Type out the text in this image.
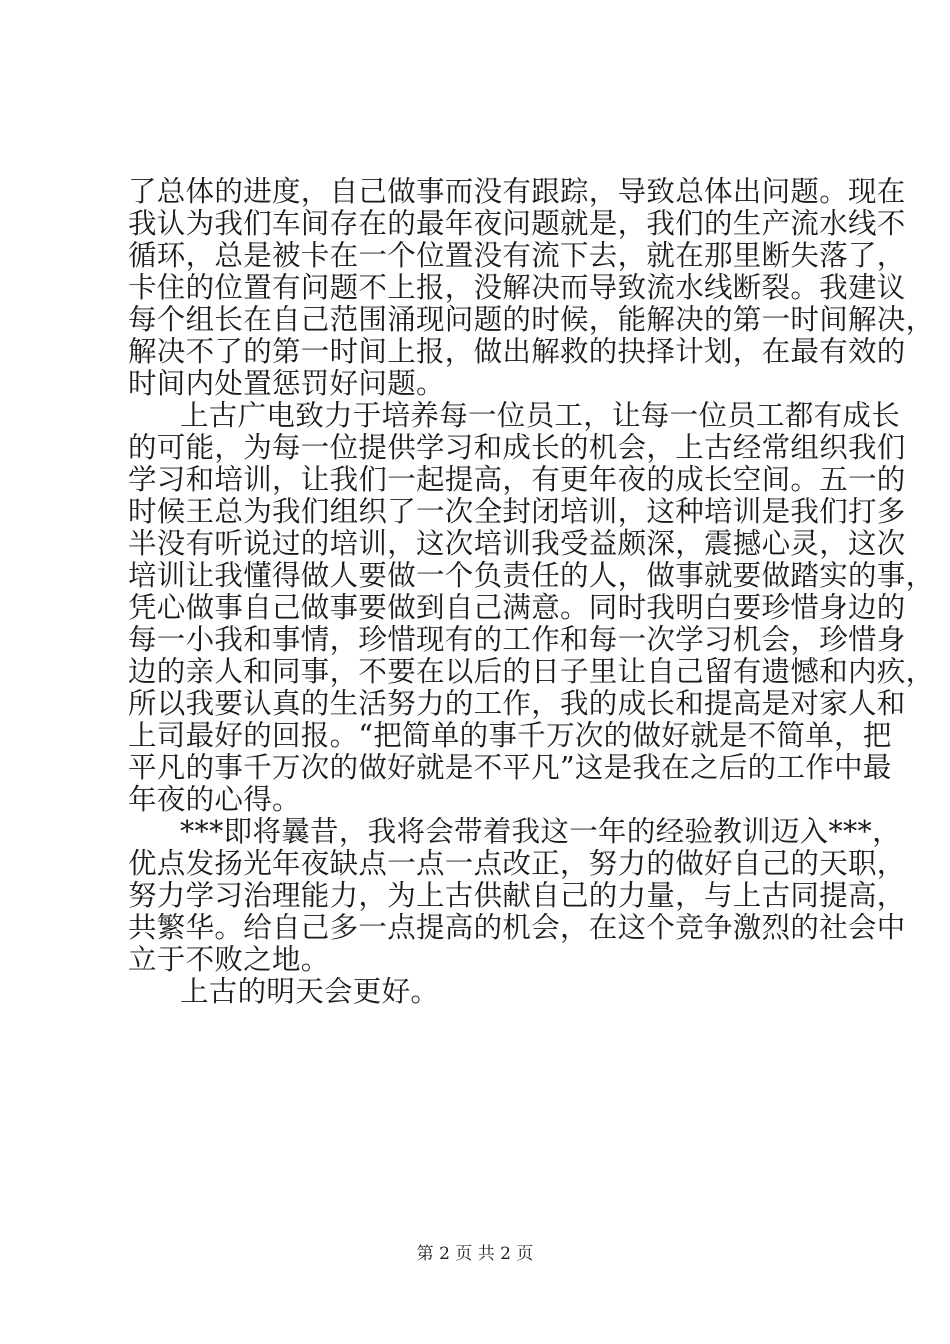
了总体的进度，自己做事而没有跟踪，导致总体出问题。现在
我认为我们车间存在的最年夜问题就是，我们的生产流水线不
循环，总是被卡在一个位置没有流下去，就在那里断失落了，
卡住的位置有问题不上报，没解决而导致流水线断裂。我建议
每个组长在自己范围涌现问题的时候，能解决的第一时间解决，
解决不了的第一时间上报，做出解救的抉择计划，在最有效的
时间内处置惩罚好问题。
上古广电致力于培养每一位员工，让每一位员工都有成长
的可能，为每一位提供学习和成长的机会，上古经常组织我们
学习和培训，让我们一起提高，有更年夜的成长空间。五一的
时候王总为我们组织了一次全封闭培训，这种培训是我们打多
半没有听说过的培训，这次培训我受益颇深，震撼心灵，这次
培训让我懂得做人要做一个负责任的人，做事就要做踏实的事，
凭心做事自己做事要做到自己满意。同时我明白要珍惜身边的
每一小我和事情，珍惜现有的工作和每一次学习机会，珍惜身
边的亲人和同事，不要在以后的日子里让自己留有遗憾和内疚，
所以我要认真的生活努力的工作，我的成长和提高是对家人和
上司最好的回报。“把简单的事千万次的做好就是不简单，把
平凡的事千万次的做好就是不平凡”这是我在之后的工作中最
年夜的心得。
***即将曩昔，我将会带着我这一年的经验教训迈入***，
优点发扬光年夜缺点一点一点改正，努力的做好自己的天职，
努力学习治理能力，为上古供献自己的力量，与上古同提高，
共繁华。给自己多一点提高的机会，在这个竞争激烈的社会中
立于不败之地。
上古的明天会更好。
第 2 页 共 2 页
